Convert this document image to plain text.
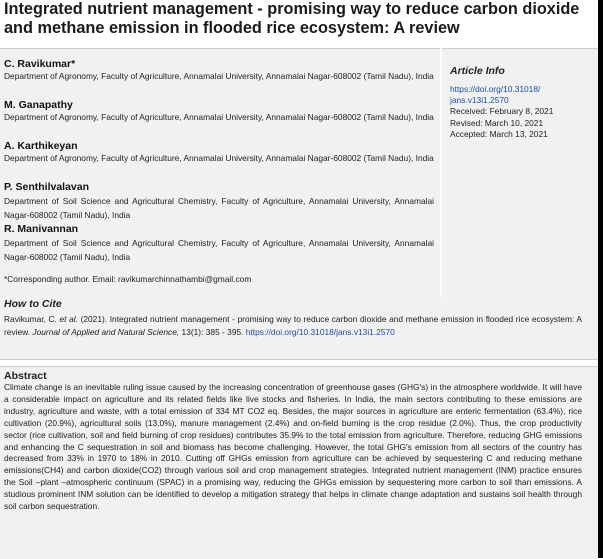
Integrated nutrient management - promising way to reduce carbon dioxide and methane emission in flooded rice ecosystem: A review
C. Ravikumar*
Department of Agronomy, Faculty of Agriculture, Annamalai University, Annamalai Nagar-608002 (Tamil Nadu), India
M. Ganapathy
Department of Agronomy, Faculty of Agriculture, Annamalai University, Annamalai Nagar-608002 (Tamil Nadu), India
A. Karthikeyan
Department of Agronomy, Faculty of Agriculture, Annamalai University, Annamalai Nagar-608002 (Tamil Nadu), India
P. Senthilvalavan
Department of Soil Science and Agricultural Chemistry, Faculty of Agriculture, Annamalai University, Annamalai Nagar-608002 (Tamil Nadu), India
R. Manivannan
Department of Soil Science and Agricultural Chemistry, Faculty of Agriculture, Annamalai University, Annamalai Nagar-608002 (Tamil Nadu), India
*Corresponding author. Email: ravikumarchinnathambi@gmail.com
Article Info
https://doi.org/10.31018/
jans.v13i1.2570
Received: February 8, 2021
Revised: March 10, 2021
Accepted: March 13, 2021
How to Cite
Ravikumar, C. et al. (2021). Integrated nutrient management - promising way to reduce carbon dioxide and methane emission in flooded rice ecosystem: A review. Journal of Applied and Natural Science, 13(1): 385 - 395. https://doi.org/10.31018/jans.v13i1.2570
Abstract
Climate change is an inevitable ruling issue caused by the increasing concentration of greenhouse gases (GHG's) in the atmosphere worldwide. It will have a considerable impact on agriculture and its related fields like live stocks and fisheries. In India, the main sectors contributing to these emissions are industry, agriculture and waste, with a total emission of 334 MT CO2 eq. Besides, the major sources in agriculture are enteric fermentation (63.4%), rice cultivation (20.9%), agricultural soils (13.0%), manure management (2.4%) and on-field burning is the crop residue (2.0%). Thus, the crop productivity sector (rice cultivation, soil and field burning of crop residues) contributes 35.9% to the total emission from agriculture. Therefore, reducing GHG emissions and enhancing the C sequestration in soil and biomass has become challenging. However, the total GHG's emission from all sectors of the country has decreased from 33% in 1970 to 18% in 2010. Cutting off GHGs emission from agriculture can be achieved by sequestering C and reducing methane emissions(CH4) and carbon dioxide(CO2) through various soil and crop management strategies. Integrated nutrient management (INM) practice ensures the Soil –plant –atmospheric continuum (SPAC) in a promising way, reducing the GHGs emission by sequestering more carbon to soil than emissions. A studious prominent INM solution can be identified to develop a mitigation strategy that helps in climate change adaptation and sustains soil health through soil carbon sequestration.
